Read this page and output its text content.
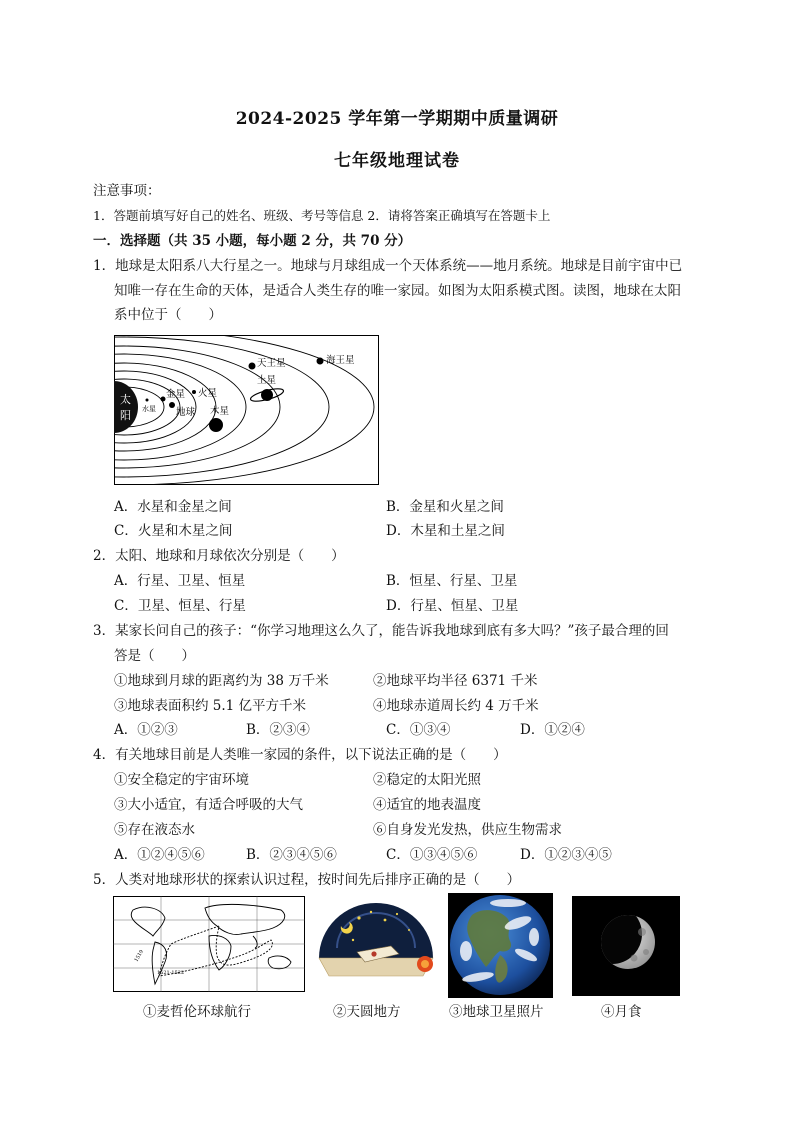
2024-2025 学年第一学期期中质量调研
七年级地理试卷
注意事项：
1．答题前填写好自己的姓名、班级、考号等信息 2．请将答案正确填写在答题卡上
一．选择题（共 35 小题，每小题 2 分，共 70 分）
1．地球是太阳系八大行星之一。地球与月球组成一个天体系统——地月系统。地球是目前宇宙中已
知唯一存在生命的天体，是适合人类生存的唯一家园。如图为太阳系模式图。读图，地球在太阳
系中位于（　　）
太
阳 水星
金星
地球
火星
木星
土星
天王星	海王星
A．水星和金星之间	B．金星和火星之间
C．火星和木星之间	D．木星和土星之间
2．太阳、地球和月球依次分别是（　　）
A．行星、卫星、恒星	B．恒星、行星、卫星
C．卫星、恒星、行星	D．行星、恒星、卫星
3．某家长问自己的孩子：“你学习地理这么久了，能告诉我地球到底有多大吗？”孩子最合理的回
答是（　　）
①地球到月球的距离约为 38 万千米	②地球平均半径 6371 千米
③地球表面积约 5.1 亿平方千米	④地球赤道周长约 4 万千米
A．①②③	B．②③④	C．①③④	D．①②④
4．有关地球目前是人类唯一家园的条件，以下说法正确的是（　　）
①安全稳定的宇宙环境	②稳定的太阳光照
③大小适宜，有适合呼吸的大气	④适宜的地表温度
⑤存在液态水	⑥自身发光发热，供应生物需求
A．①②④⑤⑥	B．②③④⑤⑥	C．①③④⑤⑥	D．①②③④⑤
5．人类对地球形状的探索认识过程，按时间先后排序正确的是（　　）
1519
1521-1522
①麦哲伦环球航行	②天圆地方	③地球卫星照片	④月食
